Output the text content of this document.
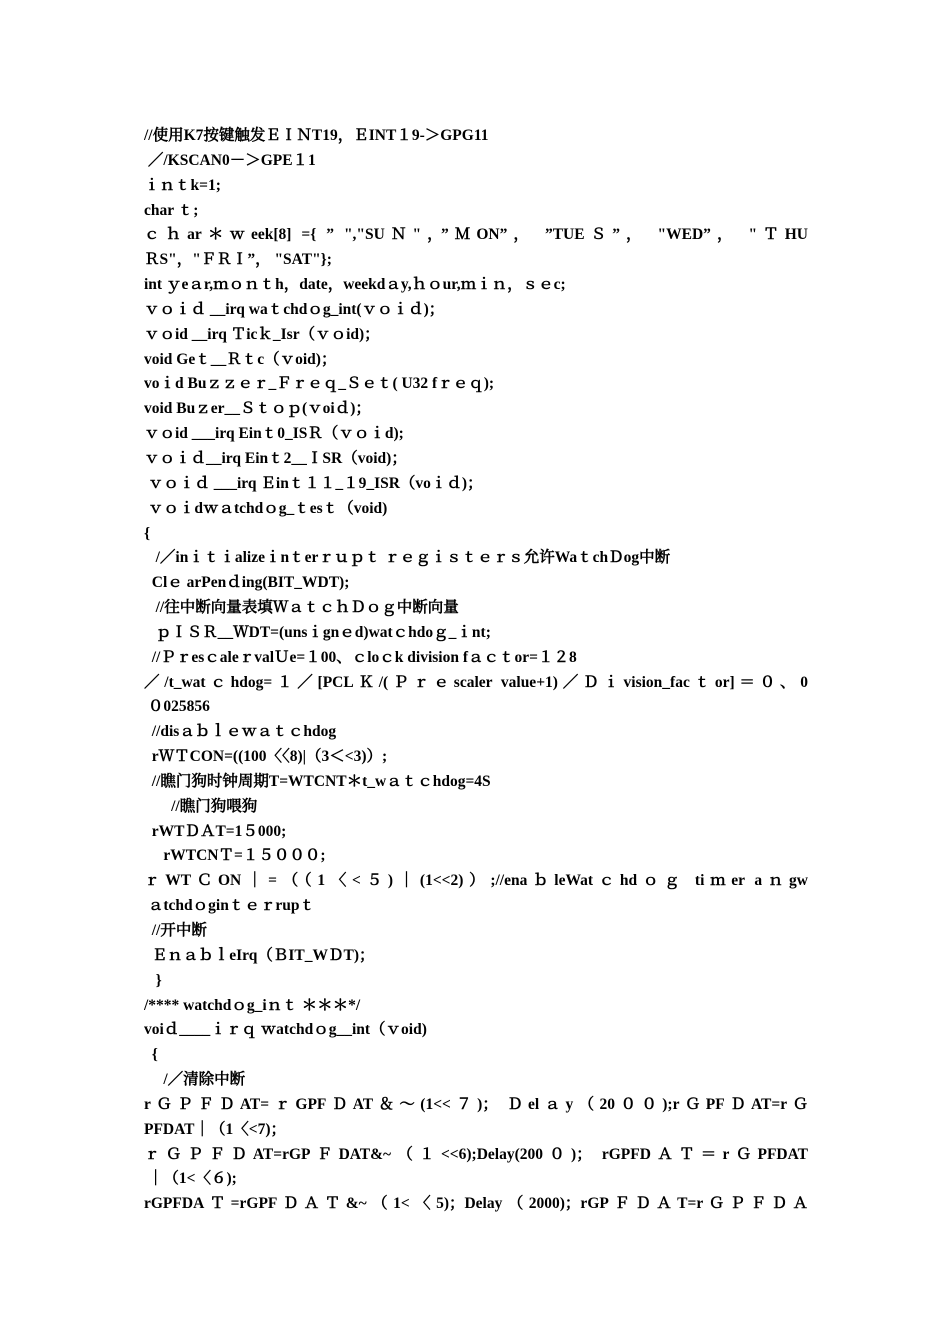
//使用K7按键触发ＥＩＮT19，ＥINT１9-＞GPG11
／/KSCAN0－＞GPE１1
ｉｎｔk=1;
char ｔ;
ｃｈar＊ｗeek[8] ={ ” ","SUＮ"，”ＭON”， ”TUEＳ”， "WED”， "ＴHU
ＲS"，"ＦＲＩ”， "SAT"};
int ｙeａr,ｍｏｎｔh，date，weekdａy,ｈｏur,ｍｉｎ，ｓｅc;
ｖｏｉｄ __irq waｔchdｏg_int(ｖｏｉｄ)；
ｖｏid __irq Ｔicｋ_Isr（ｖｏid)；
void Geｔ__Ｒｔc（ｖoid)；
voｉd Buｚｚｅｒ_Ｆｒｅｑ_Ｓｅｔ( U32 fｒｅｑ);
void Buｚer__Ｓｔｏｐ(ｖoiｄ)；
ｖｏid ___irq Einｔ0_ISＲ（ｖｏｉd);
ｖｏｉｄ__irq Einｔ2__ＩSR（void)；
ｖｏｉｄ ___irq Ｅinｔ１１_１9_ISR（voｉｄ)；
ｖｏｉdｗａtchdｏg_ｔesｔ（void)
{
/／inｉｔｉalizeｉnｔerｒｕｐｔ ｒｅｇｉｓｔｅｒｓ允许WaｔchＤog中断
Clｅ arPenｄing(BIT_WDT);
//往中断向量表填ＷａｔｃｈＤｏｇ中断向量
ｐＩＳＲ__ＷDT=(unsｉgnｅd)watｃhdoｇ_ｉnt;
//ＰｒesｃaleｒvalＵe=１00、ｃloｃk division fａｃｔor=１２8
／/t_watｃhdog=１／[PCLＫ/(Ｐｒｅscaler value+1)／Ｄｉvision_facｔor]＝０、0
０025856
//disａｂｌｅｗａｔｃhdog
rＷＴCON=((100〈〈8)|（3＜<3)）;
//瞧门狗时钟周期T=WTCNT＊t_wａｔｃhdog=4S
//瞧门狗喂狗
rWTＤＡT=1５000;
rWTCNＴ=１５０００;
ｒWTＣON｜=（（1〈<５)｜(1<<2)）;//enaｂleWatｃhdｏｇ tiｍer aｎgw
ａtchdｏginｔｅｒrupｔ
//开中断
ＥｎａｂｌeIrq（ＢIT_WＤT)；
}
/**** watchdｏg_iｎｔ ＊＊＊*/
voiｄ____ｉｒｑ ｗatchdｏg__int（ｖoid)
{
/／清除中断
rＧＰＦＤAT=ｒGPFＤAT＆～(1<<７)； Ｄelａy（20００);rＧPFＤAT=rＧ
PFDAT｜（1〈<7)；
ｒＧＰＦＤAT=rGPＦDAT&~（１<<6);Delay(200０)； rGPFDＡＴ＝rＧPFDAT
｜（1<〈６);
rGPFDAＴ=rGPFＤＡＴ&~（1<〈5)；Delay（2000)；rGPＦＤＡT=rＧＰＦＤＡ
